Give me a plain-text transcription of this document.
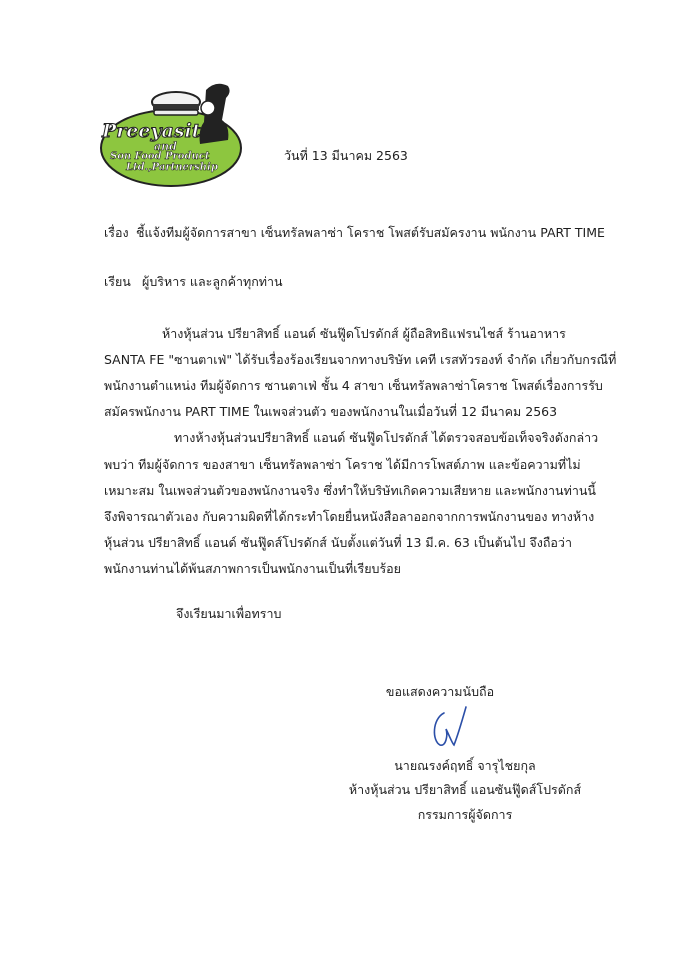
Preeyasit
and
Son Food Product
Ltd.,Partnership
วันที่ 13 มีนาคม 2563
เรื่อง ชี้แจ้งทีมผู้จัดการสาขา เซ็นทรัลพลาซ่า โคราช โพสต์รับสมัครงาน พนักงาน PART TIME
เรียน ผู้บริหาร และลูกค้าทุกท่าน
ห้างหุ้นส่วน ปรียาสิทธิ์ แอนด์ ซันฟู๊ดโปรดักส์ ผู้ถือสิทธิแฟรนไชส์ ร้านอาหาร
SANTA FE "ซานตาเฟ่" ได้รับเรื่องร้องเรียนจากทางบริษัท เคที เรสทัวรองท์ จำกัด เกี่ยวกับกรณีที่
พนักงานตำแหน่ง ทีมผู้จัดการ ซานตาเฟ่ ชั้น 4 สาขา เซ็นทรัลพลาซ่าโคราช โพสต์เรื่องการรับ
สมัครพนักงาน PART TIME ในเพจส่วนตัว ของพนักงานในเมื่อวันที่ 12 มีนาคม 2563
ทางห้างหุ้นส่วนปรียาสิทธิ์ แอนด์ ซันฟู๊ดโปรดักส์ ได้ตรวจสอบข้อเท็จจริงดังกล่าว
พบว่า ทีมผู้จัดการ ของสาขา เซ็นทรัลพลาซ่า โคราช ได้มีการโพสต์ภาพ และข้อความที่ไม่
เหมาะสม ในเพจส่วนตัวของพนักงานจริง ซึ่งทำให้บริษัทเกิดความเสียหาย และพนักงานท่านนี้
จึงพิจารณาตัวเอง กับความผิดที่ได้กระทำโดยยื่นหนังสือลาออกจากการพนักงานของ ทางห้าง
หุ้นส่วน ปรียาสิทธิ์ แอนด์ ซันฟู๊ดส์โปรดักส์ นับตั้งแต่วันที่ 13 มี.ค. 63 เป็นต้นไป จึงถือว่า
พนักงานท่านได้พ้นสภาพการเป็นพนักงานเป็นที่เรียบร้อย
จึงเรียนมาเพื่อทราบ
ขอแสดงความนับถือ
นายณรงค์ฤทธิ์ จารุไชยกุล
ห้างหุ้นส่วน ปรียาสิทธิ์ แอนซันฟู๊ดส์โปรดักส์
กรรมการผู้จัดการ
